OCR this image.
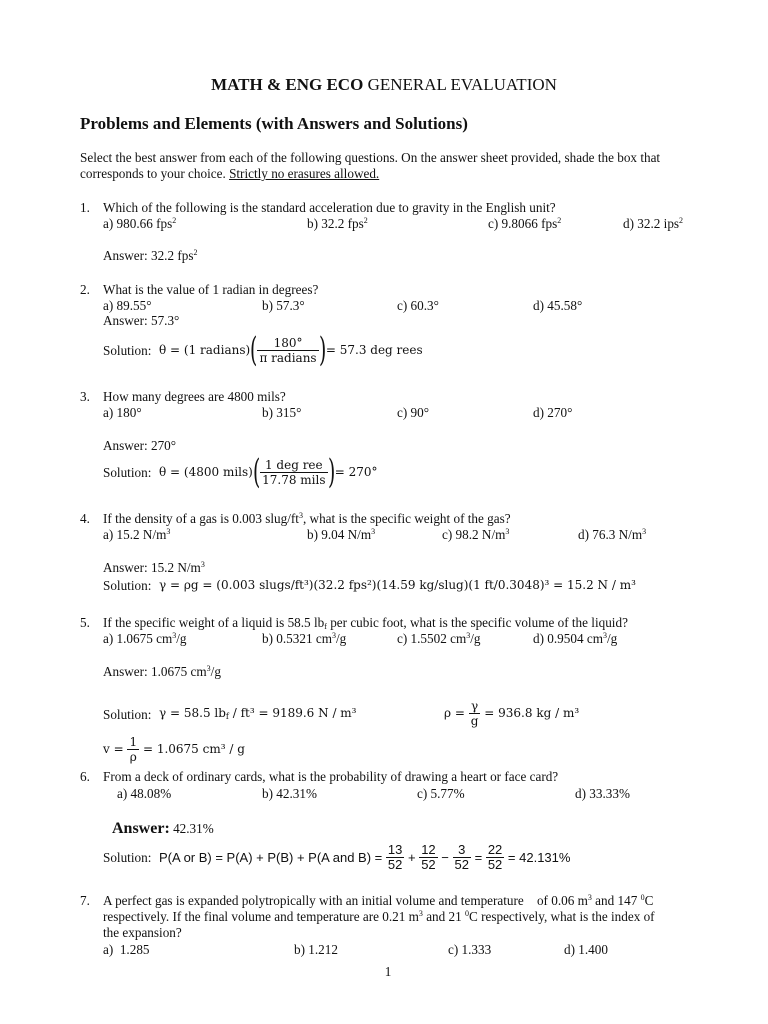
MATH & ENG ECO GENERAL EVALUATION
Problems and Elements (with Answers and Solutions)
Select the best answer from each of the following questions. On the answer sheet provided, shade the box that
corresponds to your choice. Strictly no erasures allowed.
1. Which of the following is the standard acceleration due to gravity in the English unit?
a) 980.66 fps$^2$	b) 32.2 fps$^2$	c) 9.8066 fps$^2$	d) 32.2 ips$^2$
Answer: 32.2 fps$^2$
2. What is the value of 1 radian in degrees?
a) 89.55°	b) 57.3°	c) 60.3°	d) 45.58°
Answer: 57.3°
Solution: θ = (1 radians) ( $\frac{180^\circ}{\text{π radians}}$ ) = 57.3 deg rees
3. How many degrees are 4800 mils?
a) 180°	b) 315°	c) 90°	d) 270°
Answer: 270°
Solution: θ = (4800 mils) ( $\frac{\text{1 deg ree}}{\text{17.78 mils}}$ ) = 270°
4. If the density of a gas is 0.003 slug/$ft^3$, what is the specific weight of the gas?
a) 15.2 $N/m^3$	b) 9.04 $N/m^3$	c) 98.2 $N/m^3$	d) 76.3 $N/m^3$
Answer: 15.2 $N/m^3$
Solution: γ = ρg = (0.003 slugs/ft³)(32.2 fps²)(14.59 kg/slug)(1 ft/0.3048)³ = 15.2 N / m³
5. If the specific weight of a liquid is 58.5 $lb_f$ per cubic foot, what is the specific volume of the liquid?
a) 1.0675 $cm^3/g$	b) 0.5321 $cm^3/g$	c) 1.5502 $cm^3/g$	d) 0.9504 $cm^3/g$
Answer: 1.0675 $cm^3/g$
Solution: γ = 58.5 $lb_f / ft^3 = 9189.6$ N / m³	ρ =
$\frac{\gamma}{g}$
= 936.8 kg / m³
v =
$\frac{1}{\rho}$
= 1.0675 cm³ / g
6. From a deck of ordinary cards, what is the probability of drawing a heart or face card?
a) 48.08%	b) 42.31%	c) 5.77%	d) 33.33%
Answer: 42.31%
Solution: P(A or B) = P(A) + P(B) + P(A and B) =
$\frac{13}{52}$
+
$\frac{12}{52}$
−
$\frac{3}{52}$
=
$\frac{22}{52}$
= 42.131%
7. A perfect gas is expanded polytropically with an initial volume and temperature    of 0.06 $m^3$ and 147 $^0$C
respectively. If the final volume and temperature are 0.21 $m^3$ and 21 $^0$C respectively, what is the index of
the expansion?
a)  1.285	b) 1.212	c) 1.333	d) 1.400
1
